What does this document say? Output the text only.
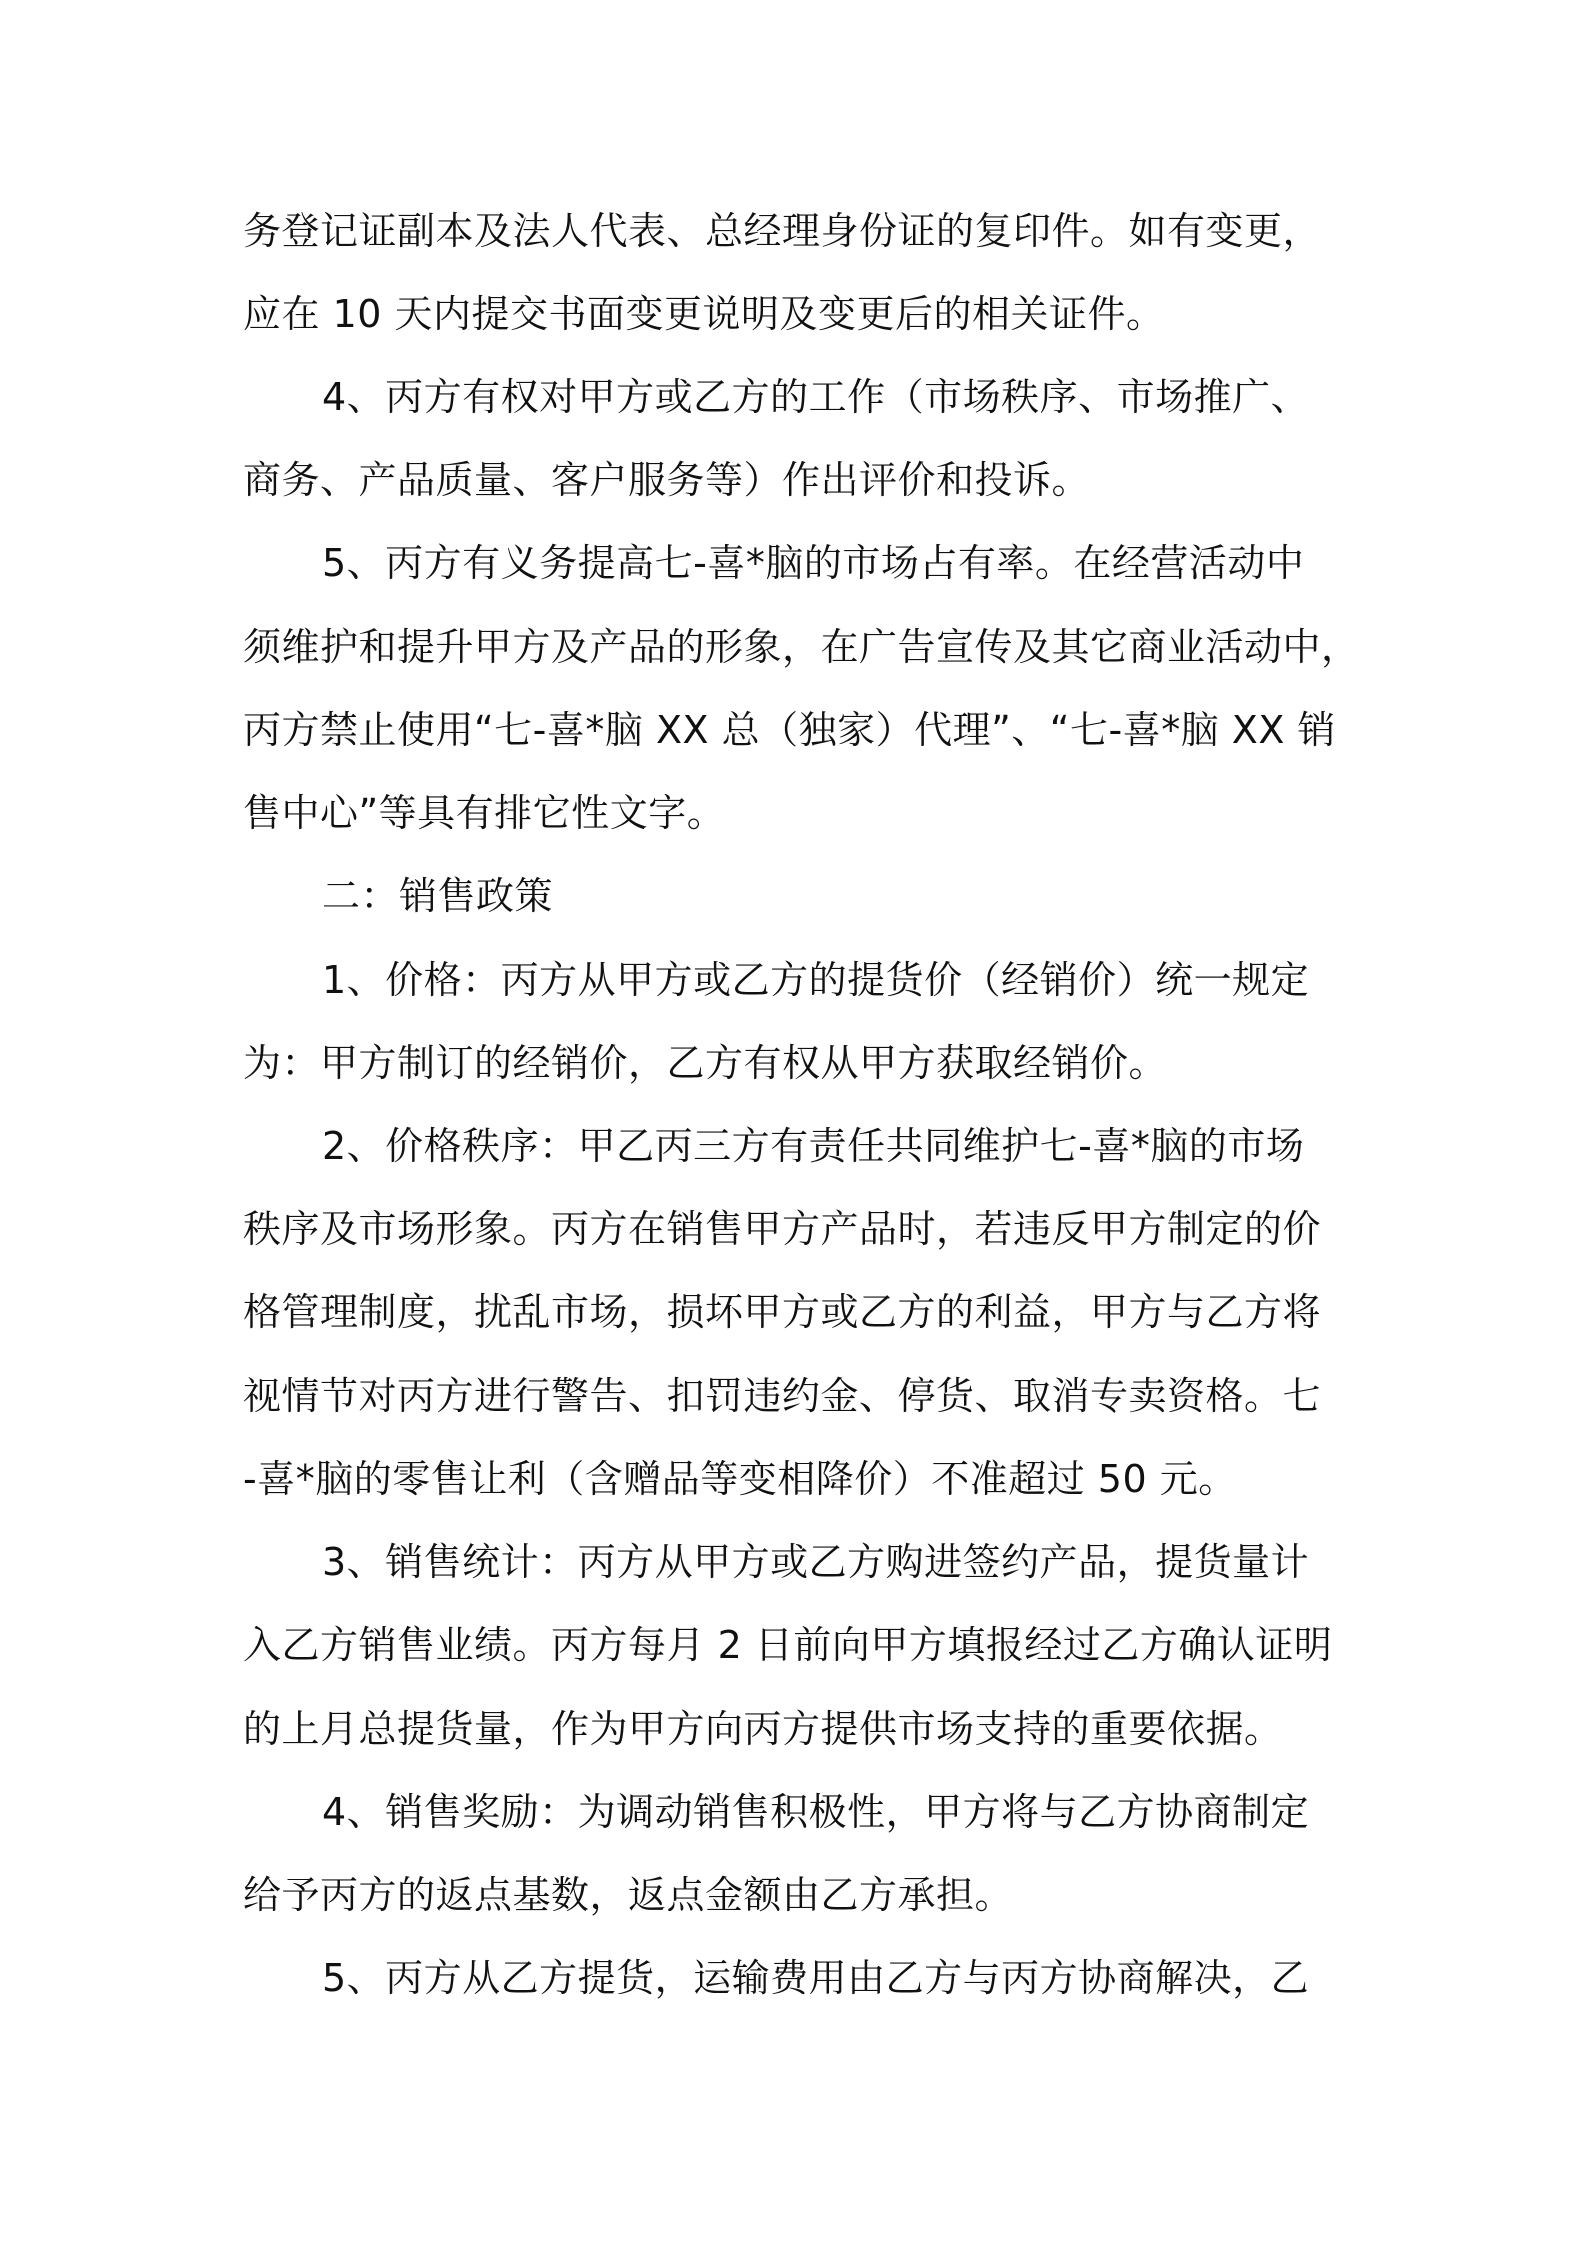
务登记证副本及法人代表、总经理身份证的复印件。如有变更，
应在 10 天内提交书面变更说明及变更后的相关证件。
4、丙方有权对甲方或乙方的工作（市场秩序、市场推广、
商务、产品质量、客户服务等）作出评价和投诉。
5、丙方有义务提高七-喜*脑的市场占有率。在经营活动中
须维护和提升甲方及产品的形象，在广告宣传及其它商业活动中，
丙方禁止使用“七-喜*脑 XX 总（独家）代理”、“七-喜*脑 XX 销
售中心”等具有排它性文字。
二：销售政策
1、价格：丙方从甲方或乙方的提货价（经销价）统一规定
为：甲方制订的经销价，乙方有权从甲方获取经销价。
2、价格秩序：甲乙丙三方有责任共同维护七-喜*脑的市场
秩序及市场形象。丙方在销售甲方产品时，若违反甲方制定的价
格管理制度，扰乱市场，损坏甲方或乙方的利益，甲方与乙方将
视情节对丙方进行警告、扣罚违约金、停货、取消专卖资格。七
-喜*脑的零售让利（含赠品等变相降价）不准超过 50 元。
3、销售统计：丙方从甲方或乙方购进签约产品，提货量计
入乙方销售业绩。丙方每月 2 日前向甲方填报经过乙方确认证明
的上月总提货量，作为甲方向丙方提供市场支持的重要依据。
4、销售奖励：为调动销售积极性，甲方将与乙方协商制定
给予丙方的返点基数，返点金额由乙方承担。
5、丙方从乙方提货，运输费用由乙方与丙方协商解决，乙
